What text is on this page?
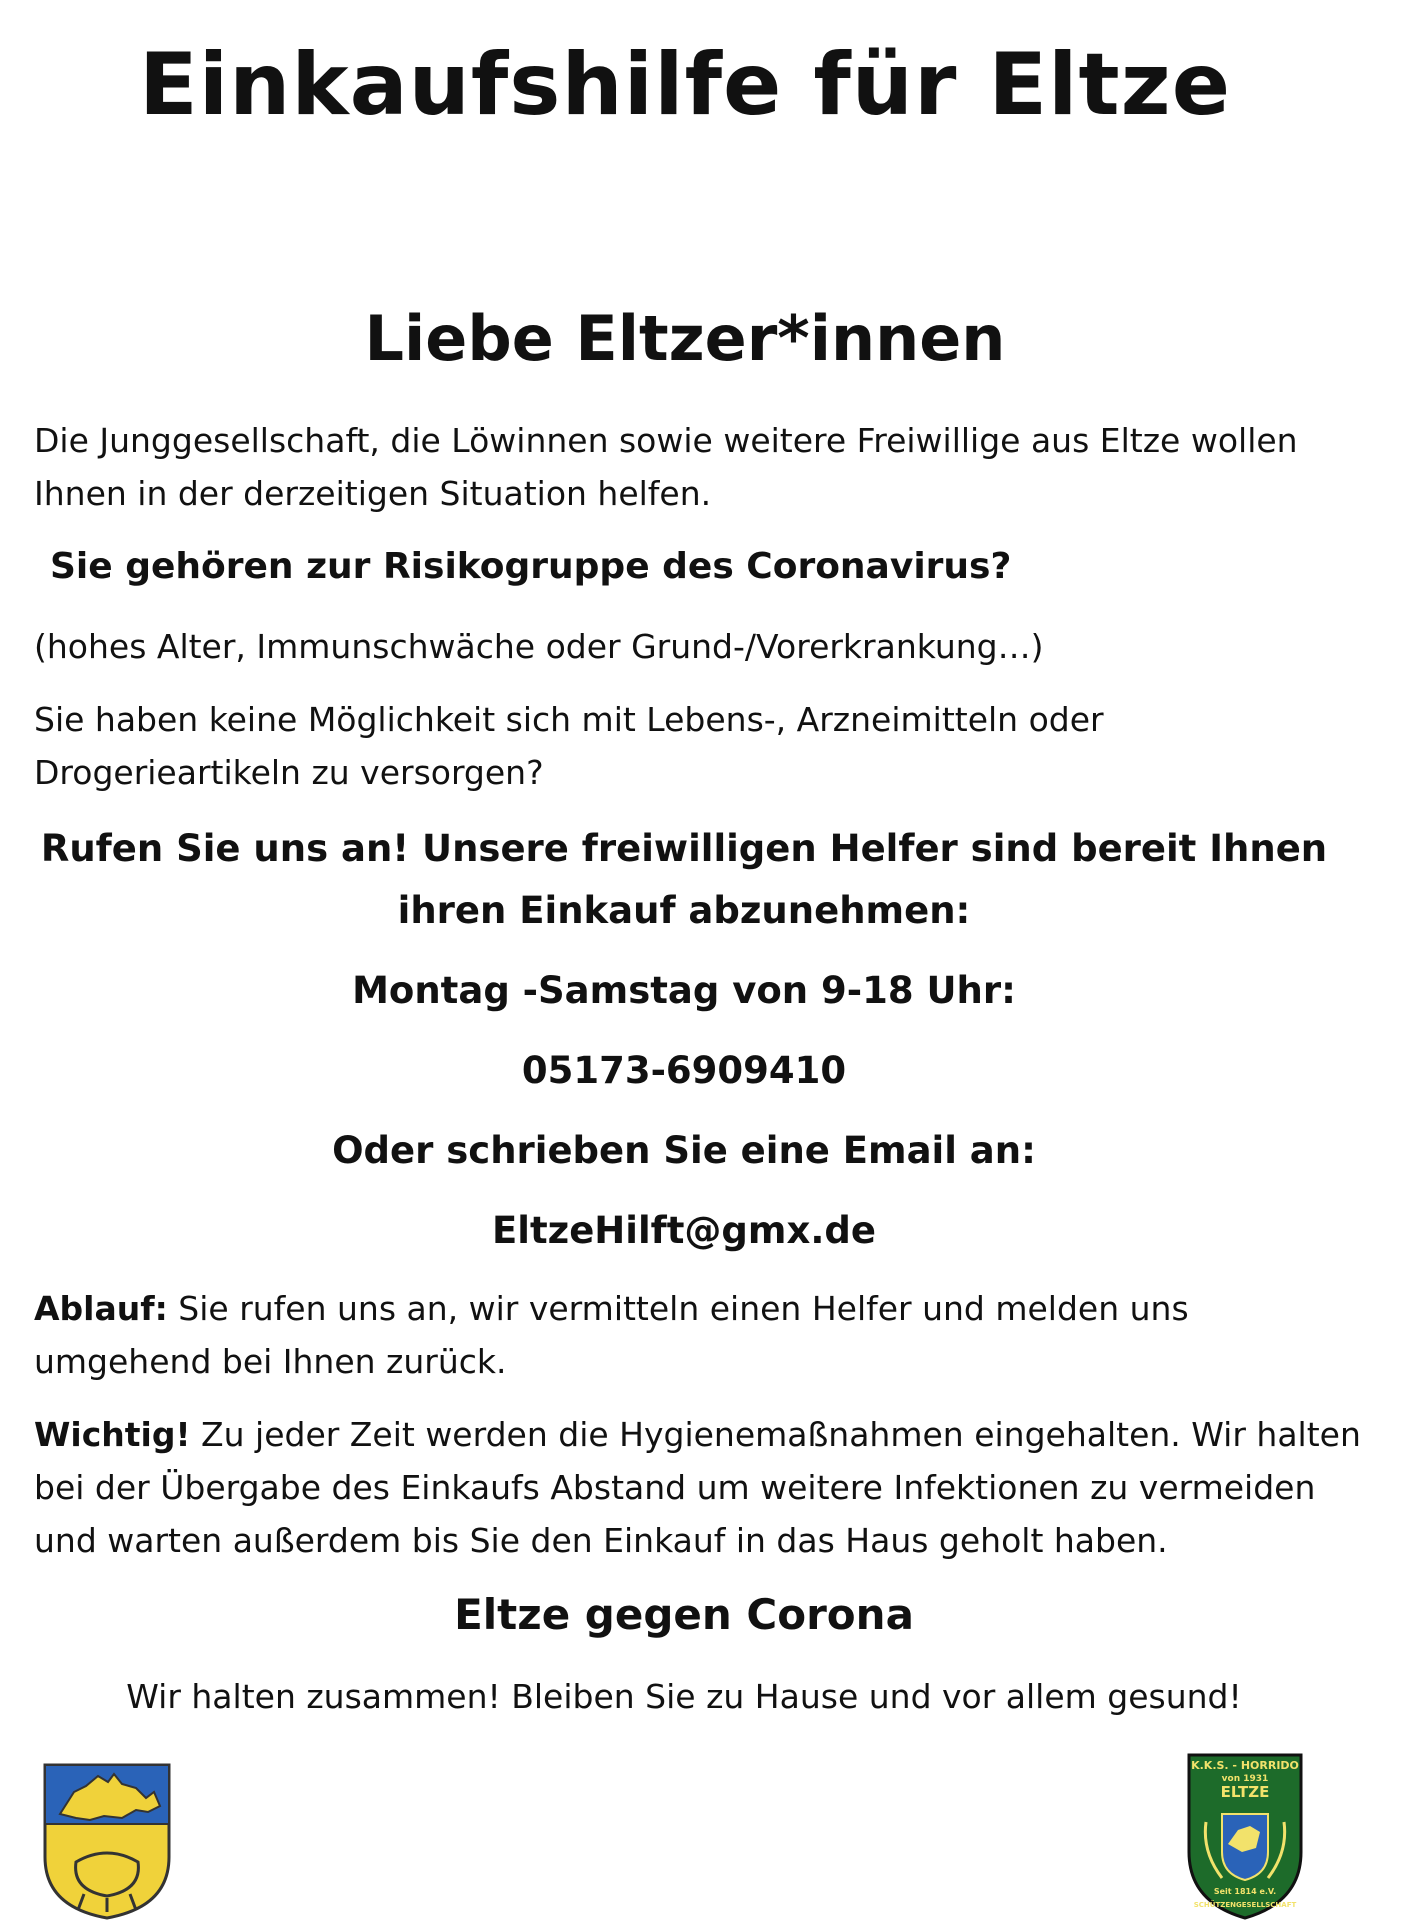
Einkaufshilfe für Eltze
Liebe Eltzer*innen
Die Junggesellschaft, die Löwinnen sowie weitere Freiwillige aus Eltze wollen Ihnen in der derzeitigen Situation helfen.
Sie gehören zur Risikogruppe des Coronavirus?
(hohes Alter, Immunschwäche oder Grund-/Vorerkrankung…)
Sie haben keine Möglichkeit sich mit Lebens-, Arzneimitteln oder Drogerieartikeln zu versorgen?
Rufen Sie uns an! Unsere freiwilligen Helfer sind bereit Ihnen ihren Einkauf abzunehmen:
Montag -Samstag von 9-18 Uhr:
05173-6909410
Oder schrieben Sie eine Email an:
EltzeHilft@gmx.de
Ablauf: Sie rufen uns an, wir vermitteln einen Helfer und melden uns umgehend bei Ihnen zurück.
Wichtig! Zu jeder Zeit werden die Hygienemaßnahmen eingehalten. Wir halten bei der Übergabe des Einkaufs Abstand um weitere Infektionen zu vermeiden und warten außerdem bis Sie den Einkauf in das Haus geholt haben.
Eltze gegen Corona
Wir halten zusammen! Bleiben Sie zu Hause und vor allem gesund!
K.K.S. - HORRIDO
von 1931
ELTZE
Seit 1814 e.V.
SCHÜTZENGESELLSCHAFT
